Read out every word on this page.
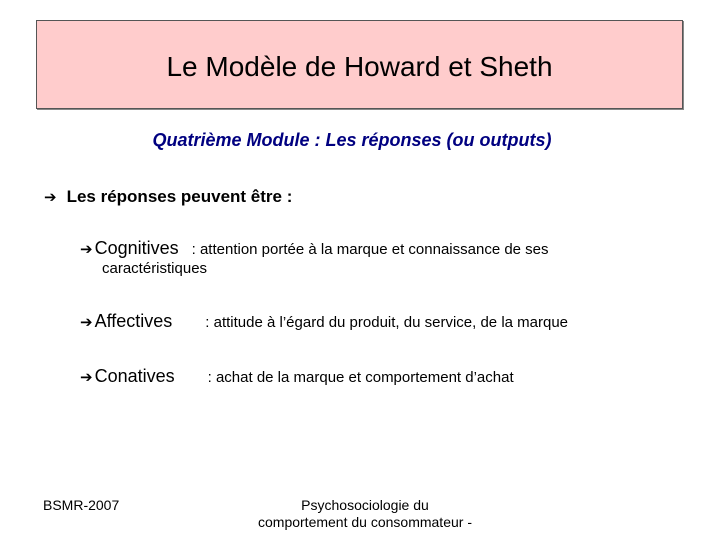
Le Modèle de Howard et Sheth
Quatrième Module : Les réponses (ou outputs)
➔ Les réponses peuvent être :
➔ Cognitives : attention portée à la marque et connaissance de ses
caractéristiques
➔ Affectives : attitude à l’égard du produit, du service, de la marque
➔ Conatives : achat de la marque et comportement d’achat
BSMR-2007	Psychosociologie du
comportement du consommateur -
